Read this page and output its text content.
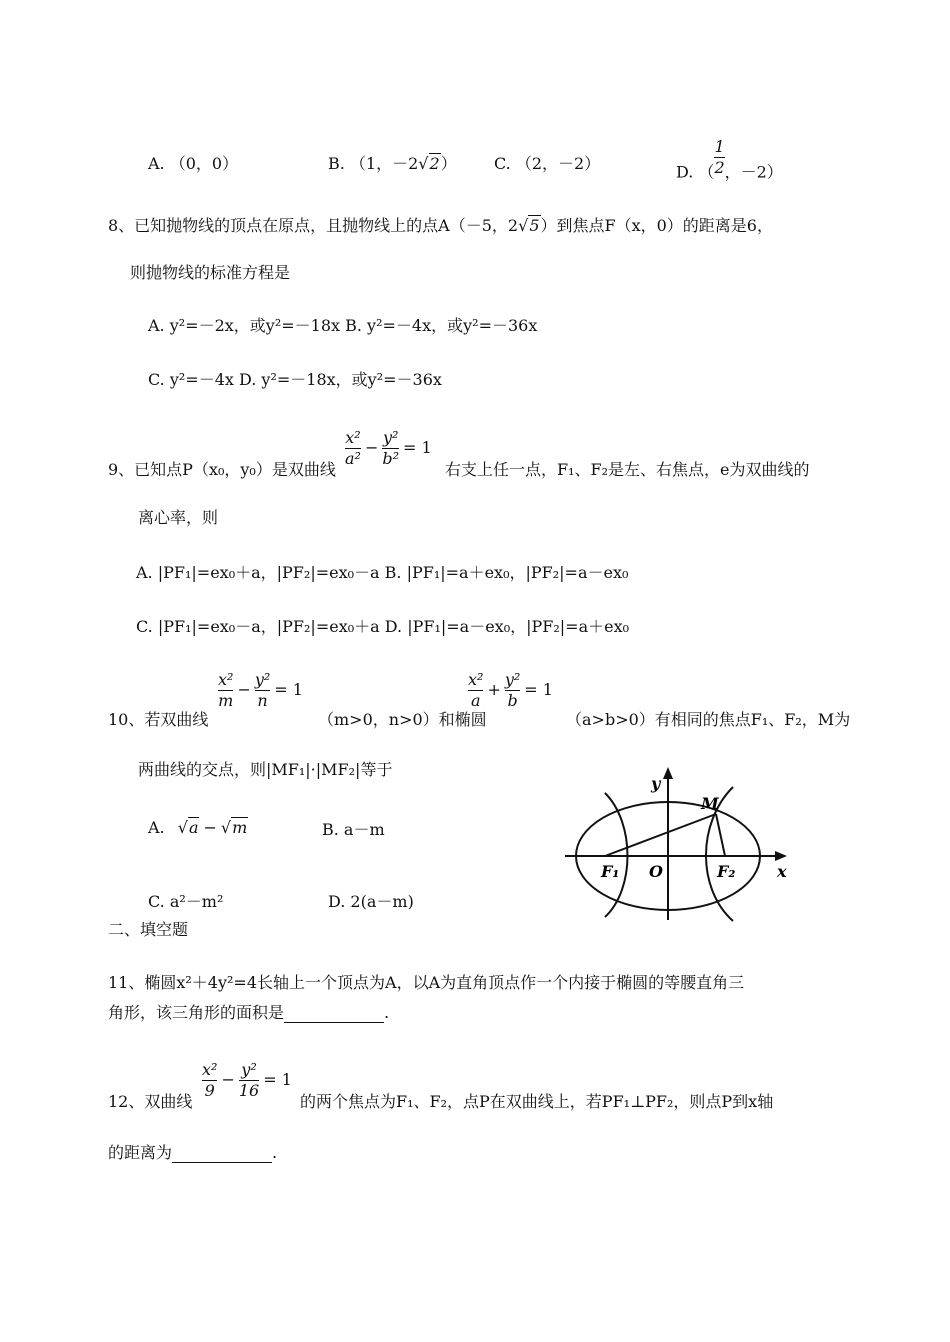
A. （0，0）	B. （1，－2√2） C. （2，－2）	D. （ $\frac{1}{2}$ ，－2）
8、已知抛物线的顶点在原点，且抛物线上的点A（－5，2√5）到焦点F（x，0）的距离是6，
则抛物线的标准方程是
A. y²=－2x，或y²=－18x B. y²=－4x，或y²=－36x
C. y²=－4x D. y²=－18x，或y²=－36x
9、已知点P（x₀，y₀）是双曲线
$\frac{\text{x²}}{\text{a²}} - \frac{\text{y²}}{\text{b²}} = 1$
右支上任一点，F₁、F₂是左、右焦点，e为双曲线的
离心率，则
A. |PF₁|=ex₀＋a，|PF₂|=ex₀－a B. |PF₁|=a＋ex₀，|PF₂|=a－ex₀
C. |PF₁|=ex₀－a，|PF₂|=ex₀＋a D. |PF₁|=a－ex₀，|PF₂|=a＋ex₀
10、若双曲线
$\frac{\text{x²}}{m} - \frac{\text{y²}}{n} = 1$
（m>0，n>0）和椭圆
$\frac{\text{x²}}{a} + \frac{\text{y²}}{b} = 1$
（a>b>0）有相同的焦点F₁、F₂，M为
两曲线的交点，则|MF₁|·|MF₂|等于
A. √a − √m	B. a－m
C. a²－m²	D. 2(a－m)
y
x
M
F₁ O	F₂
二、填空题
11、椭圆x²＋4y²=4长轴上一个顶点为A，以A为直角顶点作一个内接于椭圆的等腰直角三
角形，该三角形的面积是	.
12、双曲线
$\frac{\text{x²}}{9} - \frac{\text{y²}}{16} = 1$
的两个焦点为F₁、F₂，点P在双曲线上，若PF₁⊥PF₂，则点P到x轴
的距离为	.
